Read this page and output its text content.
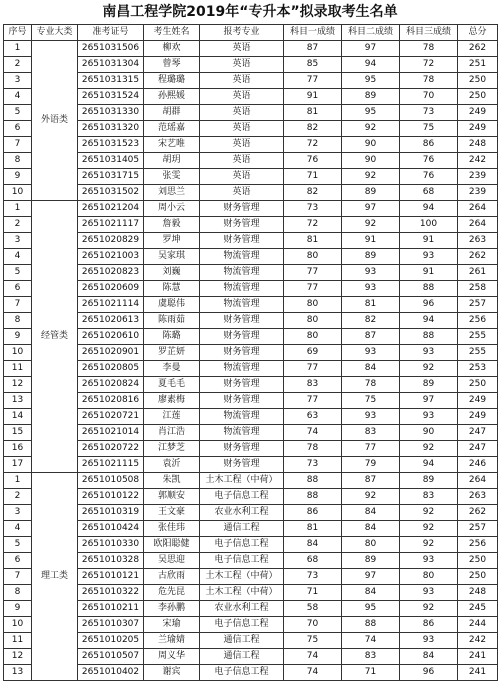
南昌工程学院2019年“专升本”拟录取考生名单
序号	专业大类	准考证号	考生姓名	报考专业	科目一成绩	科目二成绩	科目三成绩	总分
1	外语类	2651031506	柳欢	英语	87	97	78	262
2		2651031304	曾琴	英语	85	94	72	251
3		2651031315	程璐璐	英语	77	95	78	250
4		2651031524	孙熙媛	英语	91	89	70	250
5		2651031330	胡群	英语	81	95	73	249
6		2651031320	范瑶嘉	英语	82	92	75	249
7		2651031523	宋艺唯	英语	72	90	86	248
8		2651031405	胡玥	英语	76	90	76	242
9		2651031715	张雯	英语	71	92	76	239
10		2651031502	刘思兰	英语	82	89	68	239
1	经管类	2651021204	周小云	财务管理	73	97	94	264
2		2651021117	詹毅	财务管理	72	92	100	264
3		2651020829	罗坤	财务管理	81	91	91	263
4		2651021003	吴家琪	物流管理	80	89	93	262
5		2651020823	刘巍	物流管理	77	93	91	261
6		2651020609	陈慧	物流管理	77	93	88	258
7		2651021114	虞聪伟	物流管理	80	81	96	257
8		2651020613	陈雨茹	财务管理	80	82	94	256
9		2651020610	陈璐	财务管理	80	87	88	255
10		2651020901	罗芷妍	财务管理	69	93	93	255
11		2651020805	李曼	物流管理	77	84	92	253
12		2651020824	夏毛毛	财务管理	83	78	89	250
13		2651020816	廖素梅	财务管理	77	75	97	249
14		2651020721	江莲	物流管理	63	93	93	249
15		2651021014	肖江浩	物流管理	74	83	90	247
16		2651020722	江梦芝	财务管理	78	77	92	247
17		2651021115	袁沂	财务管理	73	79	94	246
1	理工类	2651010508	朱凯	土木工程（中荷）	88	87	89	264
2		2651010122	郭顺安	电子信息工程	88	92	83	263
3		2651010319	王文豪	农业水利工程	86	84	92	262
4		2651010424	张佳玮	通信工程	81	84	92	257
5		2651010330	欧阳聪健	电子信息工程	84	80	92	256
6		2651010328	吴思迎	电子信息工程	68	89	93	250
7		2651010121	古欣雨	土木工程（中荷）	73	97	80	250
8		2651010322	危先昆	土木工程（中荷）	71	84	93	248
9		2651010211	李孙鹏	农业水利工程	58	95	92	245
10		2651010307	宋瑜	电子信息工程	70	88	86	244
11		2651010205	兰瑜婧	通信工程	75	74	93	242
12		2651010507	周义华	通信工程	74	83	84	241
13		2651010402	谢宾	电子信息工程	74	71	96	241
